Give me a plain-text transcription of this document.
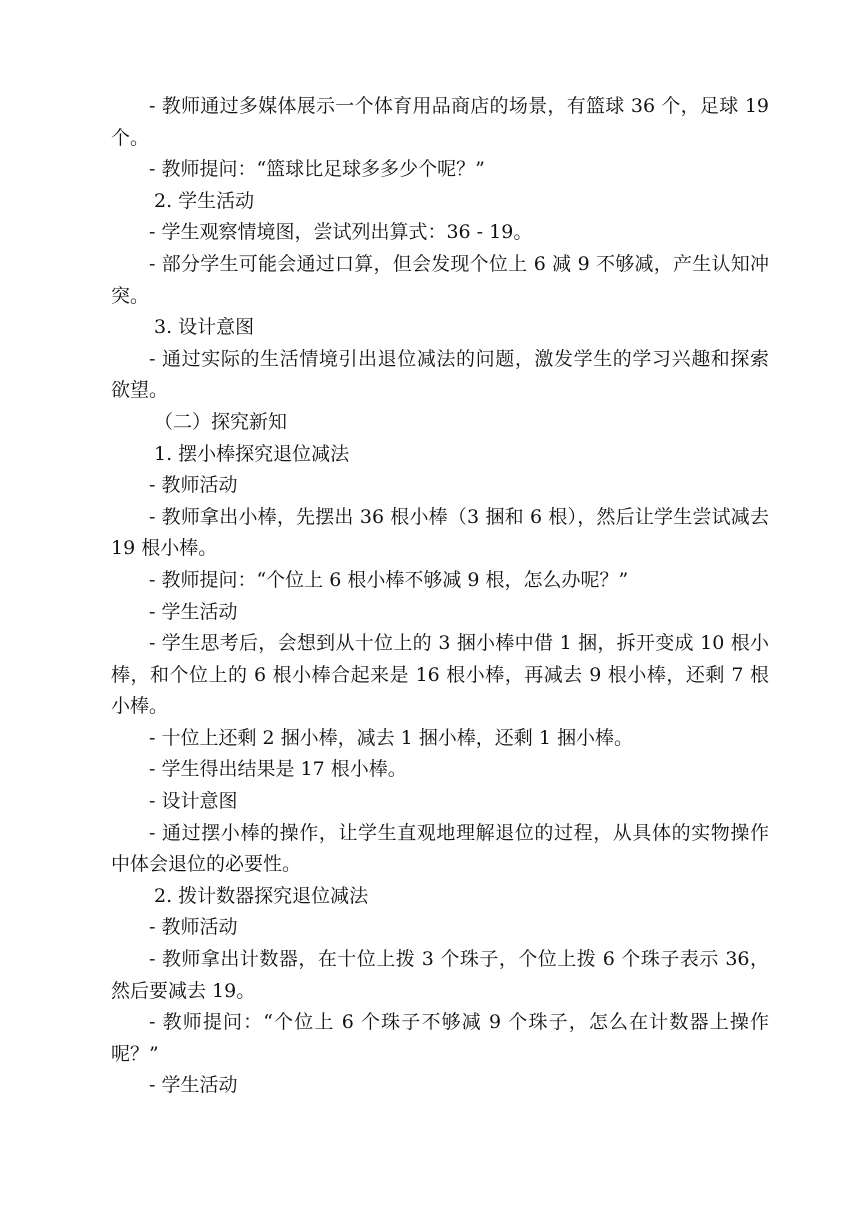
- 教师通过多媒体展示一个体育用品商店的场景，有篮球 36 个，足球 19 个。

- 教师提问：“篮球比足球多多少个呢？”

2. 学生活动

- 学生观察情境图，尝试列出算式：36 - 19。

- 部分学生可能会通过口算，但会发现个位上 6 减 9 不够减，产生认知冲突。

3. 设计意图

- 通过实际的生活情境引出退位减法的问题，激发学生的学习兴趣和探索欲望。

（二）探究新知

1. 摆小棒探究退位减法

- 教师活动

- 教师拿出小棒，先摆出 36 根小棒（3 捆和 6 根），然后让学生尝试减去 19 根小棒。

- 教师提问：“个位上 6 根小棒不够减 9 根，怎么办呢？”

- 学生活动

- 学生思考后，会想到从十位上的 3 捆小棒中借 1 捆，拆开变成 10 根小棒，和个位上的 6 根小棒合起来是 16 根小棒，再减去 9 根小棒，还剩 7 根小棒。

- 十位上还剩 2 捆小棒，减去 1 捆小棒，还剩 1 捆小棒。

- 学生得出结果是 17 根小棒。

- 设计意图

- 通过摆小棒的操作，让学生直观地理解退位的过程，从具体的实物操作中体会退位的必要性。

2. 拨计数器探究退位减法

- 教师活动

- 教师拿出计数器，在十位上拨 3 个珠子，个位上拨 6 个珠子表示 36，然后要减去 19。

- 教师提问：“个位上 6 个珠子不够减 9 个珠子，怎么在计数器上操作呢？”

- 学生活动
